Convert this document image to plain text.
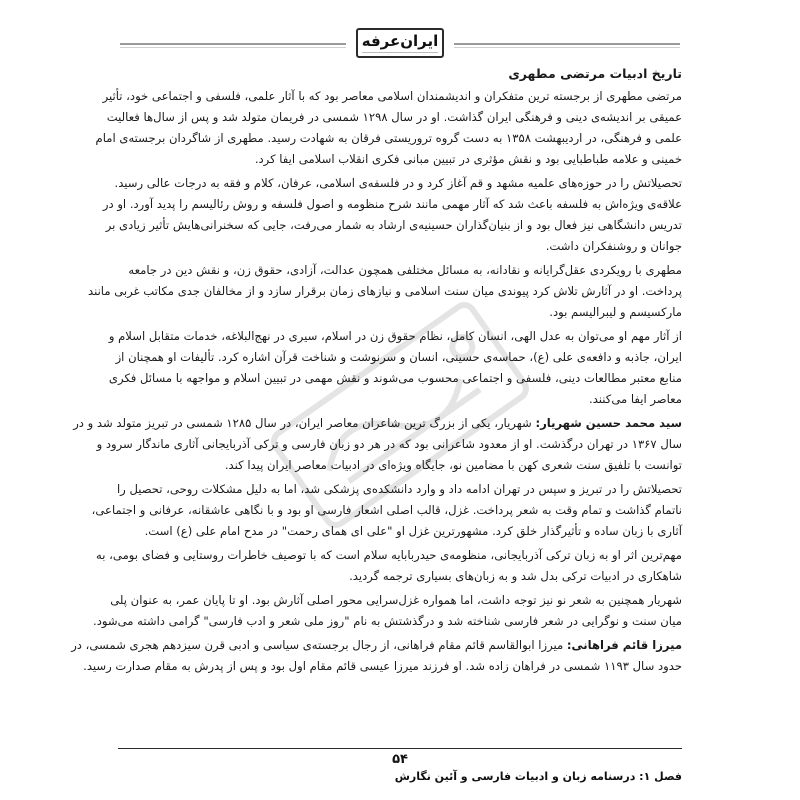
ایران‌عرفه
تاریخ ادبیات مرتضی مطهری
مرتضی مطهری از برجسته ترین متفکران و اندیشمندان اسلامی معاصر بود که با آثار علمی، فلسفی و اجتماعی خود، تأثیر
عمیقی بر اندیشه‌ی دینی و فرهنگی ایران گذاشت. او در سال ۱۲۹۸ شمسی در فریمان متولد شد و پس از سال‌ها فعالیت
علمی و فرهنگی، در اردیبهشت ۱۳۵۸ به دست گروه تروریستی فرقان به شهادت رسید. مطهری از شاگردان برجسته‌ی امام
خمینی و علامه طباطبایی بود و نقش مؤثری در تبیین مبانی فکری انقلاب اسلامی ایفا کرد.
تحصیلاتش را در حوزه‌های علمیه مشهد و قم آغاز کرد و در فلسفه‌ی اسلامی، عرفان، کلام و فقه به درجات عالی رسید.
علاقه‌ی ویژه‌اش به فلسفه باعث شد که آثار مهمی مانند شرح منظومه و اصول فلسفه و روش رئالیسم را پدید آورد. او در
تدریس دانشگاهی نیز فعال بود و از بنیان‌گذاران حسینیه‌ی ارشاد به شمار می‌رفت، جایی که سخنرانی‌هایش تأثیر زیادی بر
جوانان و روشنفکران داشت.
مطهری با رویکردی عقل‌گرایانه و نقادانه، به مسائل مختلفی همچون عدالت، آزادی، حقوق زن، و نقش دین در جامعه
پرداخت. او در آثارش تلاش کرد پیوندی میان سنت اسلامی و نیازهای زمان برقرار سازد و از مخالفان جدی مکاتب غربی مانند
مارکسیسم و لیبرالیسم بود.
از آثار مهم او می‌توان به عدل الهی، انسان کامل، نظام حقوق زن در اسلام، سیری در نهج‌البلاغه، خدمات متقابل اسلام و
ایران، جاذبه و دافعه‌ی علی (ع)، حماسه‌ی حسینی، انسان و سرنوشت و شناخت قرآن اشاره کرد. تألیفات او همچنان از
منابع معتبر مطالعات دینی، فلسفی و اجتماعی محسوب می‌شوند و نقش مهمی در تبیین اسلام و مواجهه با مسائل فکری
معاصر ایفا می‌کنند.
سید محمد حسین شهریار: شهریار، یکی از بزرگ ترین شاعران معاصر ایران، در سال ۱۲۸۵ شمسی در تبریز متولد شد و در
سال ۱۳۶۷ در تهران درگذشت. او از معدود شاعرانی بود که در هر دو زبان فارسی و ترکی آذربایجانی آثاری ماندگار سرود و
توانست با تلفیق سنت شعری کهن با مضامین نو، جایگاه ویژه‌ای در ادبیات معاصر ایران پیدا کند.
تحصیلاتش را در تبریز و سپس در تهران ادامه داد و وارد دانشکده‌ی پزشکی شد، اما به دلیل مشکلات روحی، تحصیل را
ناتمام گذاشت و تمام وقت به شعر پرداخت. غزل، قالب اصلی اشعار فارسی او بود و با نگاهی عاشقانه، عرفانی و اجتماعی،
آثاری با زبان ساده و تأثیرگذار خلق کرد. مشهورترین غزل او "علی ای همای رحمت" در مدح امام علی (ع) است.
مهم‌ترین اثر او به زبان ترکی آذربایجانی، منظومه‌ی حیدربابایه سلام است که با توصیف خاطرات روستایی و فضای بومی، به
شاهکاری در ادبیات ترکی بدل شد و به زبان‌های بسیاری ترجمه گردید.
شهریار همچنین به شعر نو نیز توجه داشت، اما همواره غزل‌سرایی محور اصلی آثارش بود. او تا پایان عمر، به عنوان پلی
میان سنت و نوگرایی در شعر فارسی شناخته شد و درگذشتش به نام "روز ملی شعر و ادب فارسی" گرامی داشته می‌شود.
میرزا قائم فراهانی: میرزا ابوالقاسم قائم مقام فراهانی، از رجال برجسته‌ی سیاسی و ادبی قرن سیزدهم هجری شمسی، در
حدود سال ۱۱۹۳ شمسی در فراهان زاده شد. او فرزند میرزا عیسی قائم مقام اول بود و پس از پدرش به مقام صدارت رسید.
۵۴
فصل ۱: درسنامه زبان و ادبیات فارسی و آئین نگارش
